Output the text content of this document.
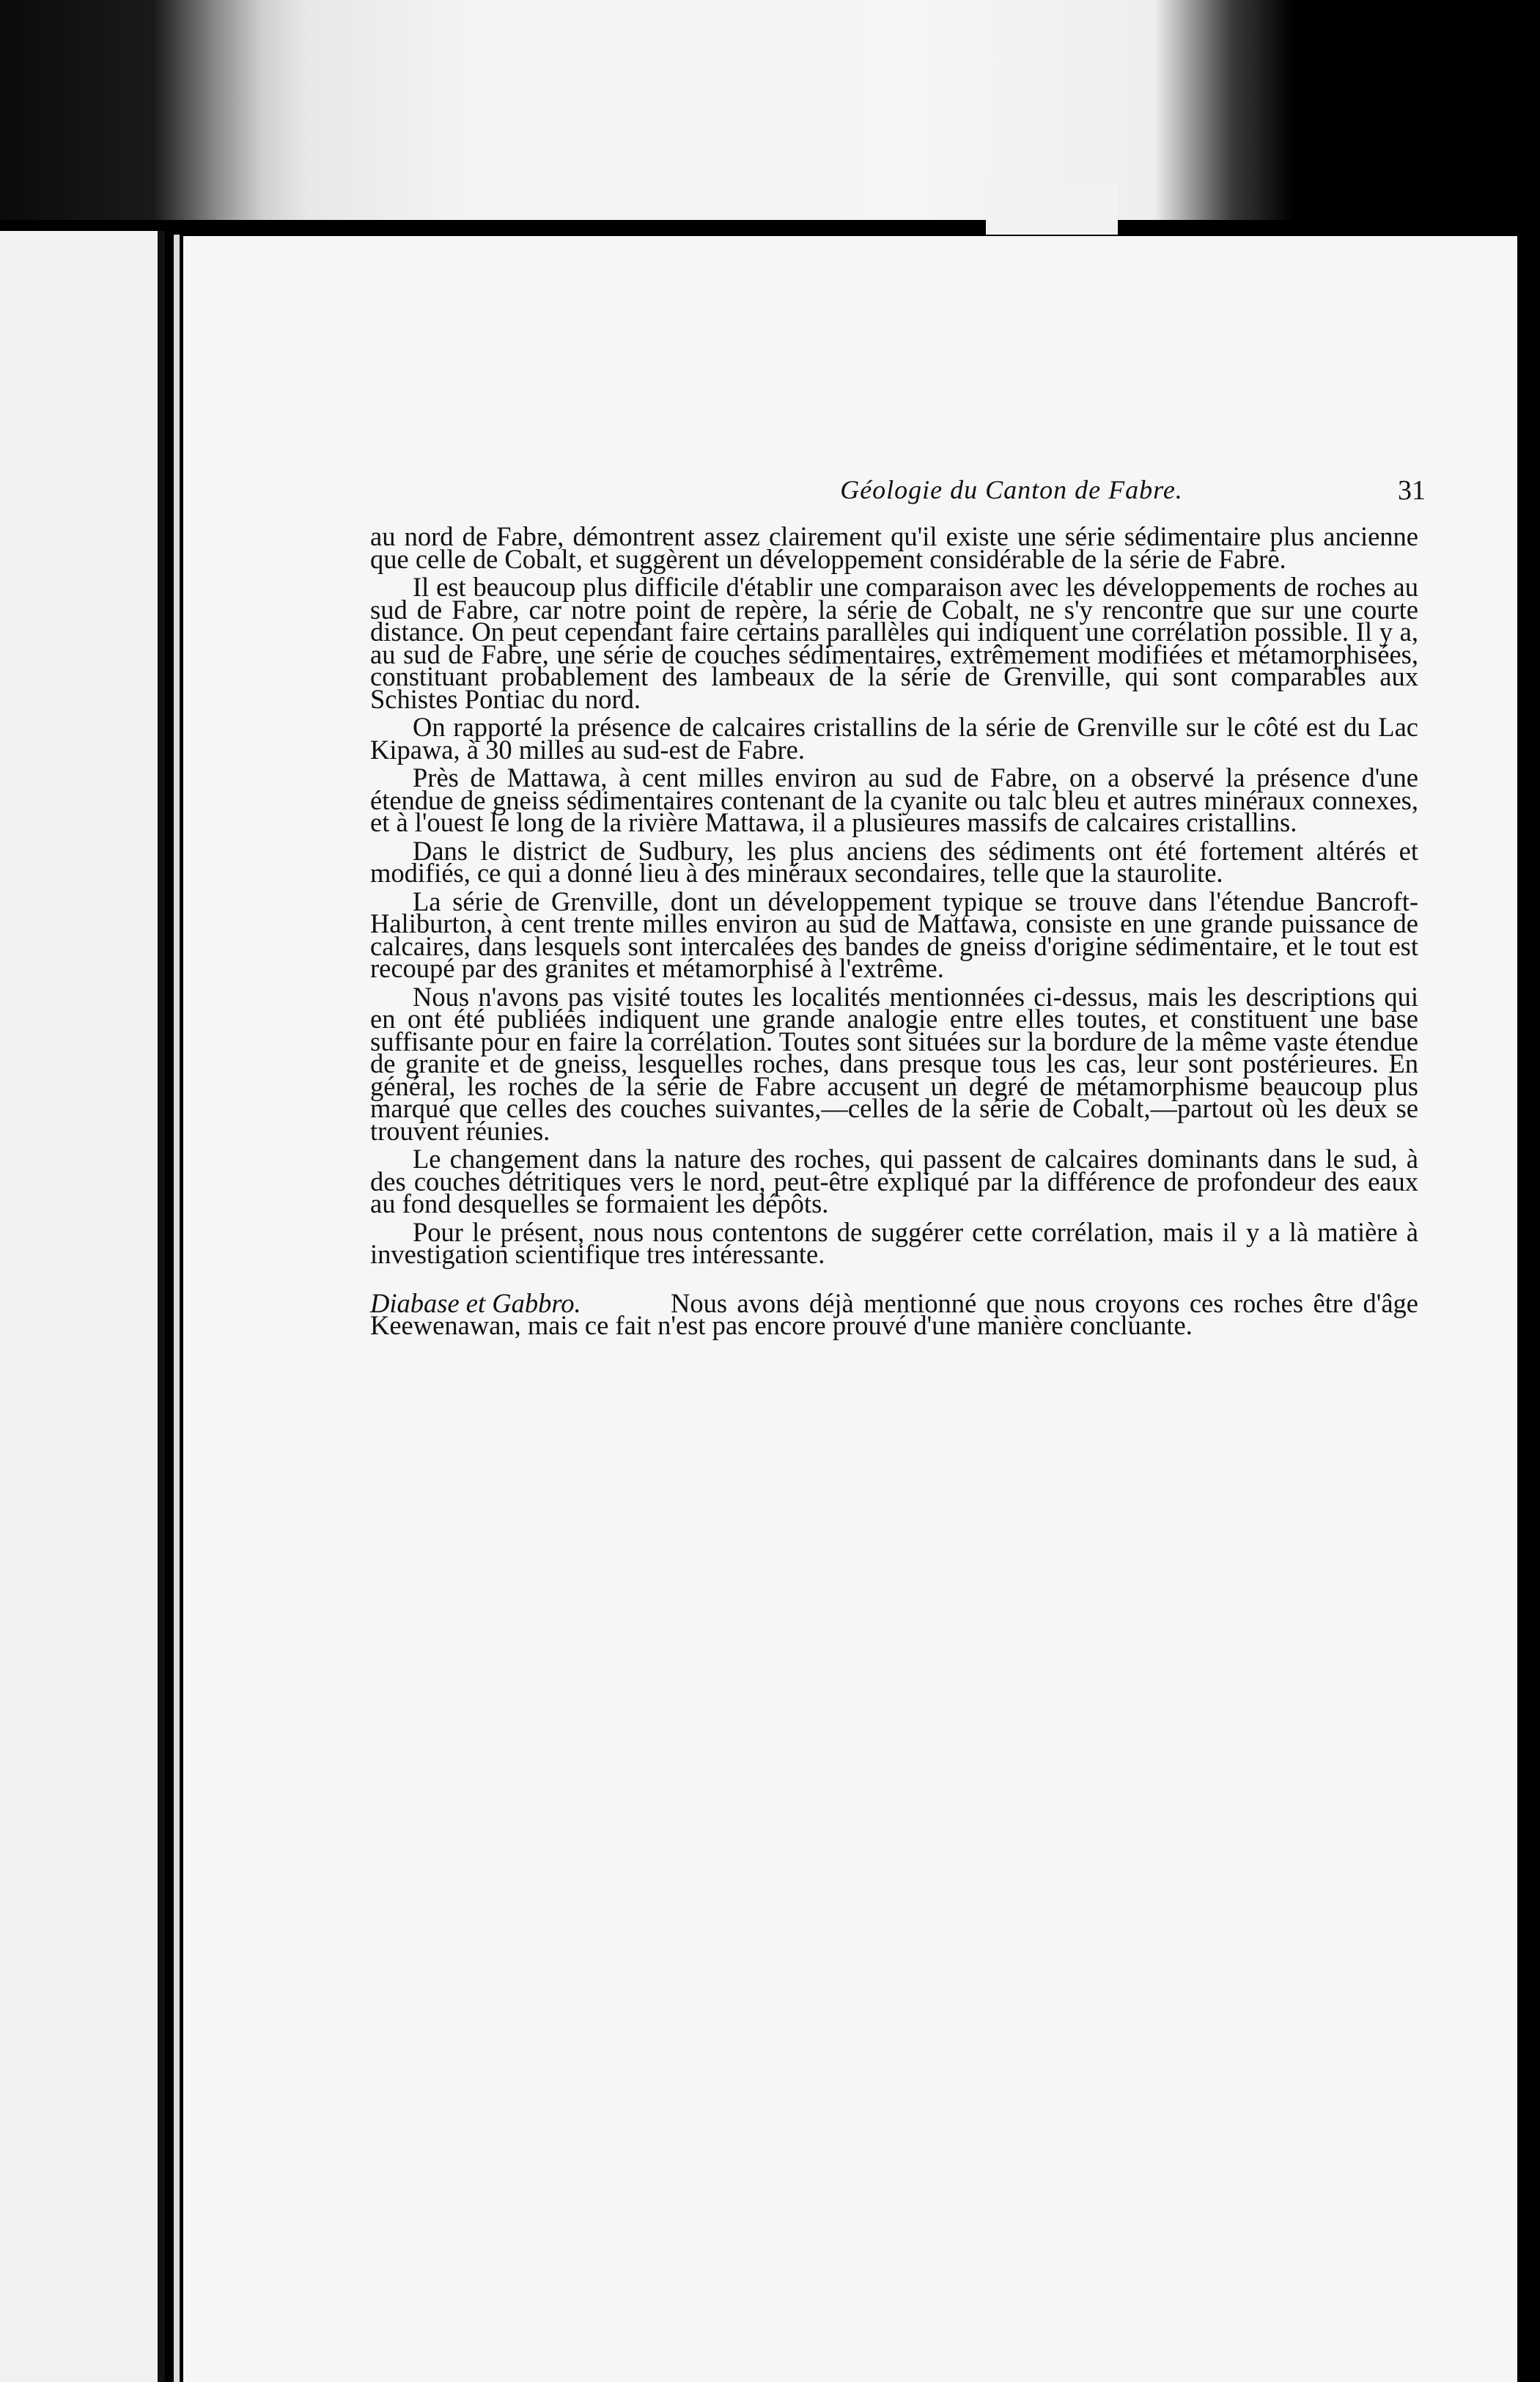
Géologie du Canton de Fabre.	31

au nord de Fabre, démontrent assez clairement qu'il existe une série sédimentaire plus ancienne que celle de Cobalt, et suggèrent un développement considérable de la série de Fabre.

Il est beaucoup plus difficile d'établir une comparaison avec les développements de roches au sud de Fabre, car notre point de repère, la série de Cobalt, ne s'y rencontre que sur une courte distance. On peut cependant faire certains parallèles qui indiquent une corrélation possible. Il y a, au sud de Fabre, une série de couches sédimentaires, extrêmement modifiées et métamorphisées, constituant probablement des lambeaux de la série de Grenville, qui sont comparables aux Schistes Pontiac du nord.

On rapporté la présence de calcaires cristallins de la série de Grenville sur le côté est du Lac Kipawa, à 30 milles au sud-est de Fabre.

Près de Mattawa, à cent milles environ au sud de Fabre, on a observé la présence d'une étendue de gneiss sédimentaires contenant de la cyanite ou talc bleu et autres minéraux connexes, et à l'ouest le long de la rivière Mattawa, il a plusieures massifs de calcaires cristallins.

Dans le district de Sudbury, les plus anciens des sédiments ont été fortement altérés et modifiés, ce qui a donné lieu à des minéraux secondaires, telle que la staurolite.

La série de Grenville, dont un développement typique se trouve dans l'étendue Bancroft-Haliburton, à cent trente milles environ au sud de Mattawa, consiste en une grande puissance de calcaires, dans lesquels sont intercalées des bandes de gneiss d'origine sédimentaire, et le tout est recoupé par des granites et métamorphisé à l'extrême.

Nous n'avons pas visité toutes les localités mentionnées ci-dessus, mais les descriptions qui en ont été publiées indiquent une grande analogie entre elles toutes, et constituent une base suffisante pour en faire la corrélation. Toutes sont situées sur la bordure de la même vaste étendue de granite et de gneiss, lesquelles roches, dans presque tous les cas, leur sont postérieures. En général, les roches de la série de Fabre accusent un degré de métamorphisme beaucoup plus marqué que celles des couches suivantes,—celles de la série de Cobalt,—partout où les deux se trouvent réunies.

Le changement dans la nature des roches, qui passent de calcaires dominants dans le sud, à des couches détritiques vers le nord, peut-être expliqué par la différence de profondeur des eaux au fond desquelles se formaient les dépôts.

Pour le présent, nous nous contentons de suggérer cette corrélation, mais il y a là matière à investigation scientifique tres intéressante.

Diabase et Gabbro.	Nous avons déjà mentionné que nous croyons ces roches être d'âge Keewenawan, mais ce fait n'est pas encore prouvé d'une manière concluante.
